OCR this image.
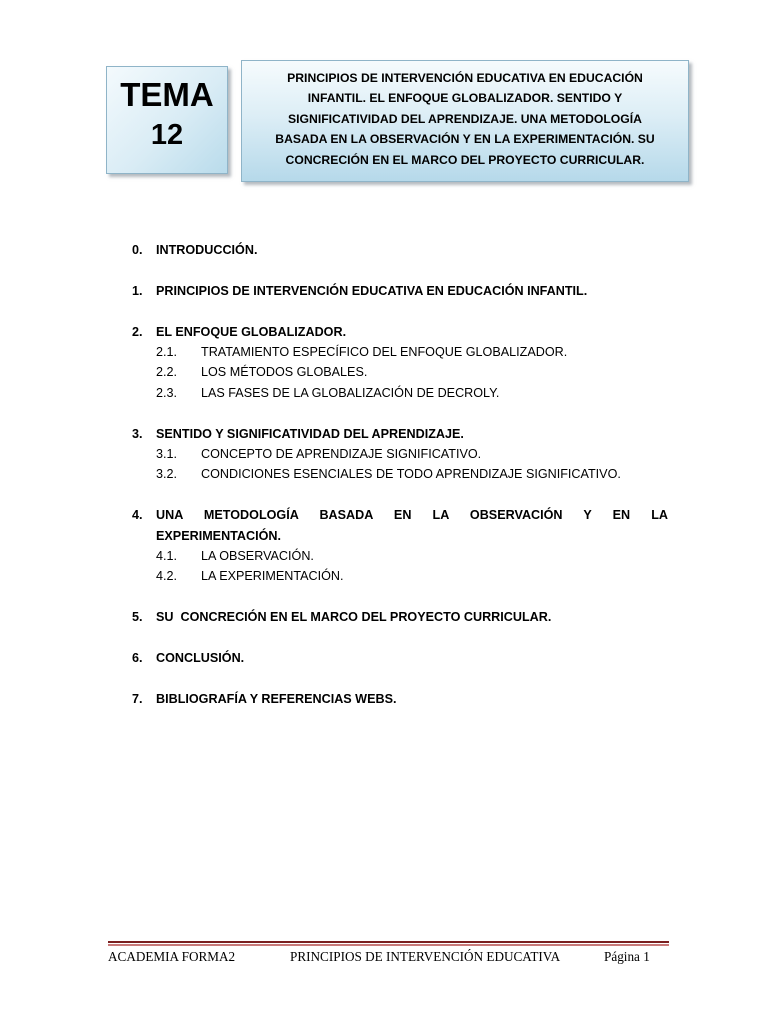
TEMA
12
PRINCIPIOS DE INTERVENCIÓN EDUCATIVA EN EDUCACIÓN
INFANTIL. EL ENFOQUE GLOBALIZADOR. SENTIDO Y
SIGNIFICATIVIDAD DEL APRENDIZAJE. UNA METODOLOGÍA
BASADA EN LA OBSERVACIÓN Y EN LA EXPERIMENTACIÓN. SU
CONCRECIÓN EN EL MARCO DEL PROYECTO CURRICULAR.
0.	INTRODUCCIÓN.
1.	PRINCIPIOS DE INTERVENCIÓN EDUCATIVA EN EDUCACIÓN INFANTIL.
2.	EL ENFOQUE GLOBALIZADOR.
2.1.	TRATAMIENTO ESPECÍFICO DEL ENFOQUE GLOBALIZADOR.
2.2.	LOS MÉTODOS GLOBALES.
2.3.	LAS FASES DE LA GLOBALIZACIÓN DE DECROLY.
3.	SENTIDO Y SIGNIFICATIVIDAD DEL APRENDIZAJE.
3.1.	CONCEPTO DE APRENDIZAJE SIGNIFICATIVO.
3.2.	CONDICIONES ESENCIALES DE TODO APRENDIZAJE SIGNIFICATIVO.
4.	UNA METODOLOGÍA BASADA EN LA OBSERVACIÓN Y EN LA
EXPERIMENTACIÓN.
4.1.	LA OBSERVACIÓN.
4.2.	LA EXPERIMENTACIÓN.
5.	SU  CONCRECIÓN EN EL MARCO DEL PROYECTO CURRICULAR.
6.	CONCLUSIÓN.
7.	BIBLIOGRAFÍA Y REFERENCIAS WEBS.
ACADEMIA FORMA2	PRINCIPIOS DE INTERVENCIÓN EDUCATIVA	Página 1
